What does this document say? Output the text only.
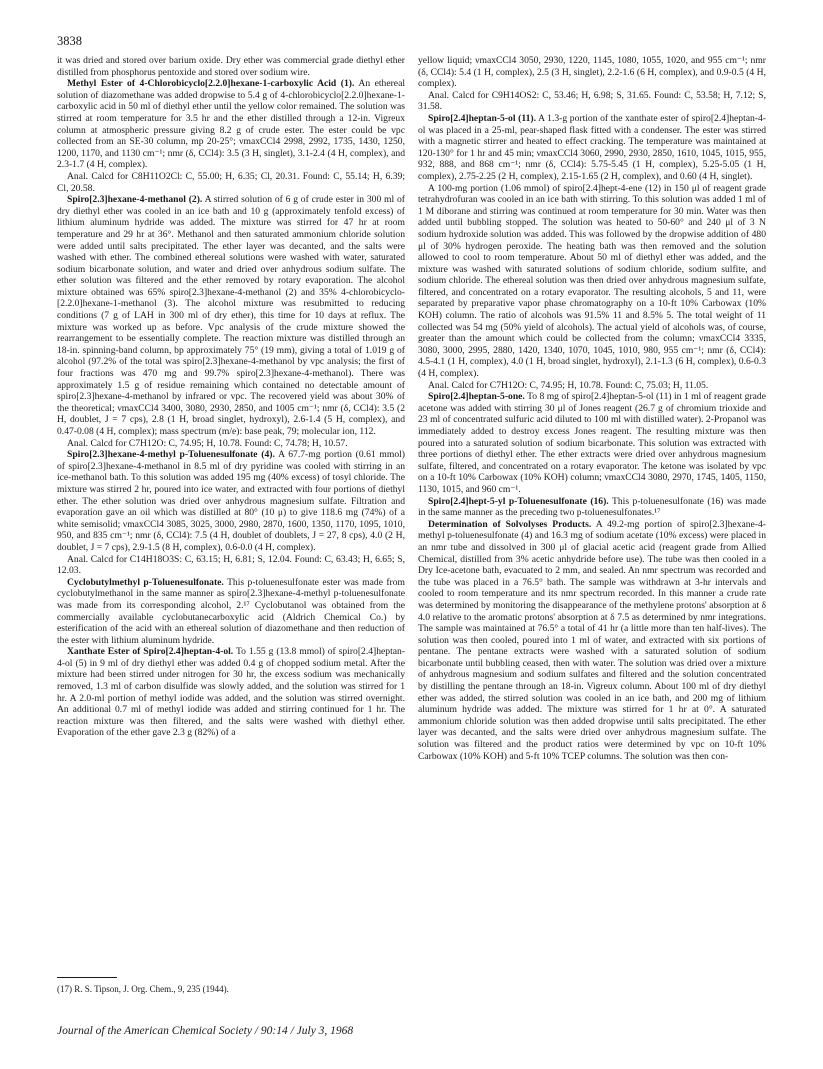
3838

it was dried and stored over barium oxide. Dry ether was commercial grade diethyl ether distilled from phosphorus pentoxide and stored over sodium wire.

Methyl Ester of 4-Chlorobicyclo[2.2.0]hexane-1-carboxylic Acid (1). An ethereal solution of diazomethane was added dropwise to 5.4 g of 4-chlorobicyclo[2.2.0]hexane-1-carboxylic acid in 50 ml of diethyl ether until the yellow color remained. The solution was stirred at room temperature for 3.5 hr and the ether distilled through a 12-in. Vigreux column at atmospheric pressure giving 8.2 g of crude ester. The ester could be vpc collected from an SE-30 column, mp 20-25°; νmaxCCl4 2998, 2992, 1735, 1430, 1250, 1200, 1170, and 1130 cm⁻¹; nmr (δ, CCl4): 3.5 (3 H, singlet), 3.1-2.4 (4 H, complex), and 2.3-1.7 (4 H, complex).

Anal. Calcd for C8H11O2Cl: C, 55.00; H, 6.35; Cl, 20.31. Found: C, 55.14; H, 6.39; Cl, 20.58.

Spiro[2.3]hexane-4-methanol (2). A stirred solution of 6 g of crude ester in 300 ml of dry diethyl ether was cooled in an ice bath and 10 g (approximately tenfold excess) of lithium aluminum hydride was added. The mixture was stirred for 47 hr at room temperature and 29 hr at 36°. Methanol and then saturated ammonium chloride solution were added until salts precipitated. The ether layer was decanted, and the salts were washed with ether. The combined ethereal solutions were washed with water, saturated sodium bicarbonate solution, and water and dried over anhydrous sodium sulfate. The ether solution was filtered and the ether removed by rotary evaporation. The alcohol mixture obtained was 65% spiro[2.3]hexane-4-methanol (2) and 35% 4-chlorobicyclo-[2.2.0]hexane-1-methanol (3). The alcohol mixture was resubmitted to reducing conditions (7 g of LAH in 300 ml of dry ether), this time for 10 days at reflux. The mixture was worked up as before. Vpc analysis of the crude mixture showed the rearrangement to be essentially complete. The reaction mixture was distilled through an 18-in. spinning-band column, bp approximately 75° (19 mm), giving a total of 1.019 g of alcohol (97.2% of the total was spiro[2.3]hexane-4-methanol by vpc analysis; the first of four fractions was 470 mg and 99.7% spiro[2.3]hexane-4-methanol). There was approximately 1.5 g of residue remaining which contained no detectable amount of spiro[2.3]hexane-4-methanol by infrared or vpc. The recovered yield was about 30% of the theoretical; νmaxCCl4 3400, 3080, 2930, 2850, and 1005 cm⁻¹; nmr (δ, CCl4): 3.5 (2 H, doublet, J = 7 cps), 2.8 (1 H, broad singlet, hydroxyl), 2.6-1.4 (5 H, complex), and 0.47-0.08 (4 H, complex); mass spectrum (m/e): base peak, 79; molecular ion, 112.

Anal. Calcd for C7H12O: C, 74.95; H, 10.78. Found: C, 74.78; H, 10.57.

Spiro[2.3]hexane-4-methyl p-Toluenesulfonate (4). A 67.7-mg portion (0.61 mmol) of spiro[2.3]hexane-4-methanol in 8.5 ml of dry pyridine was cooled with stirring in an ice-methanol bath. To this solution was added 195 mg (40% excess) of tosyl chloride. The mixture was stirred 2 hr, poured into ice water, and extracted with four portions of diethyl ether. The ether solution was dried over anhydrous magnesium sulfate. Filtration and evaporation gave an oil which was distilled at 80° (10 μ) to give 118.6 mg (74%) of a white semisolid; νmaxCCl4 3085, 3025, 3000, 2980, 2870, 1600, 1350, 1170, 1095, 1010, 950, and 835 cm⁻¹; nmr (δ, CCl4): 7.5 (4 H, doublet of doublets, J = 27, 8 cps), 4.0 (2 H, doublet, J = 7 cps), 2.9-1.5 (8 H, complex), 0.6-0.0 (4 H, complex).

Anal. Calcd for C14H18O3S: C, 63.15; H, 6.81; S, 12.04. Found: C, 63.43; H, 6.65; S, 12.03.

Cyclobutylmethyl p-Toluenesulfonate. This p-toluenesulfonate ester was made from cyclobutylmethanol in the same manner as spiro[2.3]hexane-4-methyl p-toluenesulfonate was made from its corresponding alcohol, 2.¹⁷ Cyclobutanol was obtained from the commercially available cyclobutanecarboxylic acid (Aldrich Chemical Co.) by esterification of the acid with an ethereal solution of diazomethane and then reduction of the ester with lithium aluminum hydride.

Xanthate Ester of Spiro[2.4]heptan-4-ol. To 1.55 g (13.8 mmol) of spiro[2.4]heptan-4-ol (5) in 9 ml of dry diethyl ether was added 0.4 g of chopped sodium metal. After the mixture had been stirred under nitrogen for 30 hr, the excess sodium was mechanically removed, 1.3 ml of carbon disulfide was slowly added, and the solution was stirred for 1 hr. A 2.0-ml portion of methyl iodide was added, and the solution was stirred overnight. An additional 0.7 ml of methyl iodide was added and stirring continued for 1 hr. The reaction mixture was then filtered, and the salts were washed with diethyl ether. Evaporation of the ether gave 2.3 g (82%) of a

yellow liquid; νmaxCCl4 3050, 2930, 1220, 1145, 1080, 1055, 1020, and 955 cm⁻¹; nmr (δ, CCl4): 5.4 (1 H, complex), 2.5 (3 H, singlet), 2.2-1.6 (6 H, complex), and 0.9-0.5 (4 H, complex).

Anal. Calcd for C9H14OS2: C, 53.46; H, 6.98; S, 31.65. Found: C, 53.58; H, 7.12; S, 31.58.

Spiro[2.4]heptan-5-ol (11). A 1.3-g portion of the xanthate ester of spiro[2.4]heptan-4-ol was placed in a 25-ml, pear-shaped flask fitted with a condenser. The ester was stirred with a magnetic stirrer and heated to effect cracking. The temperature was maintained at 120-130° for 1 hr and 45 min; νmaxCCl4 3060, 2990, 2930, 2850, 1610, 1045, 1015, 955, 932, 888, and 868 cm⁻¹; nmr (δ, CCl4): 5.75-5.45 (1 H, complex), 5.25-5.05 (1 H, complex), 2.75-2.25 (2 H, complex), 2.15-1.65 (2 H, complex), and 0.60 (4 H, singlet).

A 100-mg portion (1.06 mmol) of spiro[2.4]hept-4-ene (12) in 150 μl of reagent grade tetrahydrofuran was cooled in an ice bath with stirring. To this solution was added 1 ml of 1 M diborane and stirring was continued at room temperature for 30 min. Water was then added until bubbling stopped. The solution was heated to 50-60° and 240 μl of 3 N sodium hydroxide solution was added. This was followed by the dropwise addition of 480 μl of 30% hydrogen peroxide. The heating bath was then removed and the solution allowed to cool to room temperature. About 50 ml of diethyl ether was added, and the mixture was washed with saturated solutions of sodium chloride, sodium sulfite, and sodium chloride. The ethereal solution was then dried over anhydrous magnesium sulfate, filtered, and concentrated on a rotary evaporator. The resulting alcohols, 5 and 11, were separated by preparative vapor phase chromatography on a 10-ft 10% Carbowax (10% KOH) column. The ratio of alcohols was 91.5% 11 and 8.5% 5. The total weight of 11 collected was 54 mg (50% yield of alcohols). The actual yield of alcohols was, of course, greater than the amount which could be collected from the column; νmaxCCl4 3335, 3080, 3000, 2995, 2880, 1420, 1340, 1070, 1045, 1010, 980, 955 cm⁻¹; nmr (δ, CCl4): 4.5-4.1 (1 H, complex), 4.0 (1 H, broad singlet, hydroxyl), 2.1-1.3 (6 H, complex), 0.6-0.3 (4 H, complex).

Anal. Calcd for C7H12O: C, 74.95; H, 10.78. Found: C, 75.03; H, 11.05.

Spiro[2.4]heptan-5-one. To 8 mg of spiro[2.4]heptan-5-ol (11) in 1 ml of reagent grade acetone was added with stirring 30 μl of Jones reagent (26.7 g of chromium trioxide and 23 ml of concentrated sulfuric acid diluted to 100 ml with distilled water). 2-Propanol was immediately added to destroy excess Jones reagent. The resulting mixture was then poured into a saturated solution of sodium bicarbonate. This solution was extracted with three portions of diethyl ether. The ether extracts were dried over anhydrous magnesium sulfate, filtered, and concentrated on a rotary evaporator. The ketone was isolated by vpc on a 10-ft 10% Carbowax (10% KOH) column; νmaxCCl4 3080, 2970, 1745, 1405, 1150, 1130, 1015, and 960 cm⁻¹.

Spiro[2.4]hept-5-yl p-Toluenesulfonate (16). This p-toluenesulfonate (16) was made in the same manner as the preceding two p-toluenesulfonates.¹⁷

Determination of Solvolyses Products. A 49.2-mg portion of spiro[2.3]hexane-4-methyl p-toluenesulfonate (4) and 16.3 mg of sodium acetate (10% excess) were placed in an nmr tube and dissolved in 300 μl of glacial acetic acid (reagent grade from Allied Chemical, distilled from 3% acetic anhydride before use). The tube was then cooled in a Dry Ice-acetone bath, evacuated to 2 mm, and sealed. An nmr spectrum was recorded and the tube was placed in a 76.5° bath. The sample was withdrawn at 3-hr intervals and cooled to room temperature and its nmr spectrum recorded. In this manner a crude rate was determined by monitoring the disappearance of the methylene protons' absorption at δ 4.0 relative to the aromatic protons' absorption at δ 7.5 as determined by nmr integrations. The sample was maintained at 76.5° a total of 41 hr (a little more than ten half-lives). The solution was then cooled, poured into 1 ml of water, and extracted with six portions of pentane. The pentane extracts were washed with a saturated solution of sodium bicarbonate until bubbling ceased, then with water. The solution was dried over a mixture of anhydrous magnesium and sodium sulfates and filtered and the solution concentrated by distilling the pentane through an 18-in. Vigreux column. About 100 ml of dry diethyl ether was added, the stirred solution was cooled in an ice bath, and 200 mg of lithium aluminum hydride was added. The mixture was stirred for 1 hr at 0°. A saturated ammonium chloride solution was then added dropwise until salts precipitated. The ether layer was decanted, and the salts were dried over anhydrous magnesium sulfate. The solution was filtered and the product ratios were determined by vpc on 10-ft 10% Carbowax (10% KOH) and 5-ft 10% TCEP columns. The solution was then con-

(17) R. S. Tipson, J. Org. Chem., 9, 235 (1944).
Journal of the American Chemical Society / 90:14 / July 3, 1968
